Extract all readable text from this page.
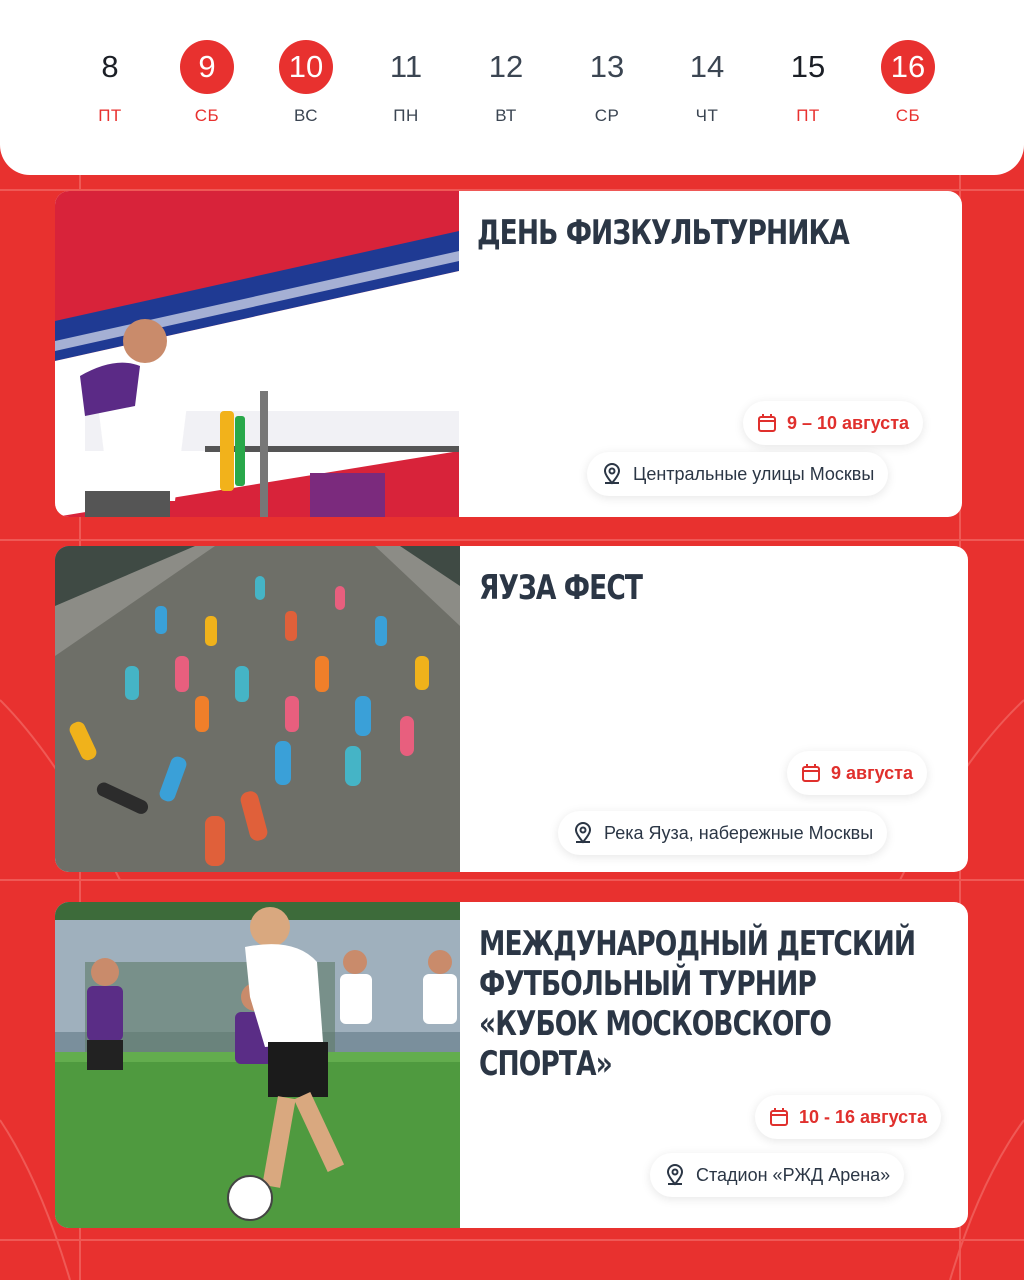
8
ПТ
9
СБ
10
ВС
11
ПН
12
ВТ
13
СР
14
ЧТ
15
ПТ
16
СБ
ДЕНЬ ФИЗКУЛЬТУРНИКА
9 – 10 августа
Центральные улицы Москвы
ЯУЗА ФЕСТ
9 августа
Река Яуза, набережные Москвы
МЕЖДУНАРОДНЫЙ ДЕТСКИЙ ФУТБОЛЬНЫЙ ТУРНИР «КУБОК МОСКОВСКОГО СПОРТА»
10 - 16 августа
Стадион «РЖД Арена»
